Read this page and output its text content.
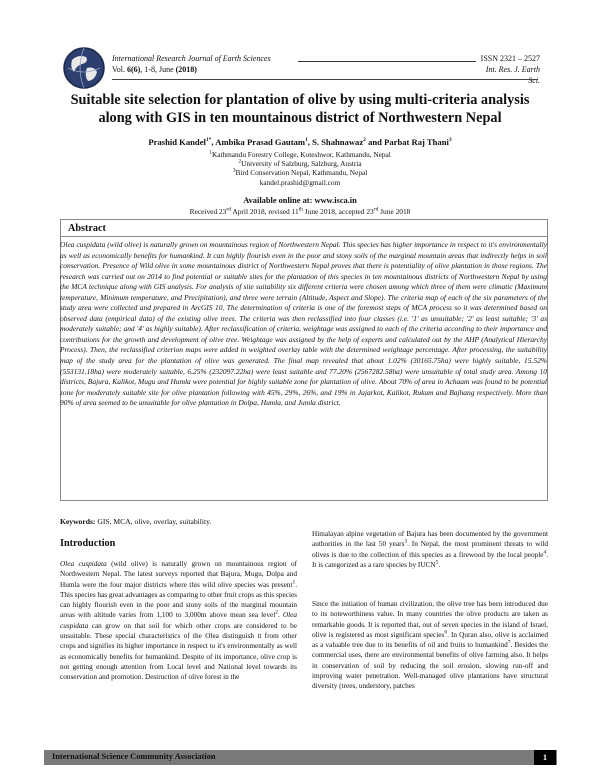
International Research Journal of Earth Sciences
Vol. 6(6), 1-8, June (2018)
ISSN 2321 – 2527
Int. Res. J. Earth Sci.
Suitable site selection for plantation of olive by using multi-criteria analysis
along with GIS in ten mountainous district of Northwestern Nepal
Prashid Kandel$^{1*}$, Ambika Prasad Gautam$^1$, S. Shahnawaz$^2$ and Parbat Raj Thani$^3$
$^1$Kathmandu Forestry College, Koteshwor, Kathmandu, Nepal
$^2$University of Salzburg, Salzburg, Austria
$^3$Bird Conservation Nepal, Kathmandu, Nepal
kandel.prashid@gmail.com
Available online at: www.isca.in
Received 23rd April 2018, revised 11th June 2018, accepted 23rd June 2018
Abstract
Olea cuspidata (wild olive) is naturally grown on mountainous region of Northwestern Nepal. This species has higher importance in respect to it's environmentally as well as economically benefits for humankind. It can highly flourish even in the poor and stony soils of the marginal mountain areas that indirectly helps in soil conservation. Presence of Wild olive in some mountainous district of Northwestern Nepal proves that there is potentiality of olive plantation in those regions. The research was carried out on 2014 to find potential or suitable sites for the plantation of this species in ten mountainous districts of Northwestern Nepal by using the MCA technique along with GIS analysis. For analysis of site suitability six different criteria were chosen among which three of them were climatic (Maximum temperature, Minimum temperature, and Precipitation), and three were terrain (Altitude, Aspect and Slope). The criteria map of each of the six parameters of the study area were collected and prepared in ArcGIS 10. The determination of criteria is one of the foremost steps of MCA process so it was determined based on observed data (empirical data) of the existing olive trees. The criteria was then reclassified into four classes (i.e. '1' as unsuitable; '2' as least suitable; '3' as moderately suitable; and '4' as highly suitable). After reclassification of criteria, weightage was assigned to each of the criteria according to their importance and contributions for the growth and development of olive tree. Weightage was assigned by the help of experts and calculated out by the AHP (Analytical Hierarchy Process). Then, the reclassified criterion maps were added in weighted overlay table with the determined weightage percentage. After processing, the suitability map of the study area for the plantation of olive was generated. The final map revealed that about 1.02% (30165.75ha) were highly suitable, 15.52% (553131.18ha) were moderately suitable, 6.25% (232097.22ha) were least suitable and 77.20% (2567282.58ha) were unsuitable of total study area. Among 10 districts, Bajura, Kalikot, Mugu and Humla were potential for highly suitable zone for plantation of olive. About 70% of area in Achaam was found to be potential zone for moderately suitable site for olive plantation following with 45%, 29%, 26%, and 19% in Jajarkot, Kalikot, Rukum and Bajhang respectively. More than 90% of area seemed to be unsuitable for olive plantation in Dolpa, Humla, and Jumla district.
Keywords: GIS, MCA, olive, overlay, suitability.
Introduction
Olea cuspidata (wild olive) is naturally grown on mountainous region of Northwestern Nepal. The latest surveys reported that Bajura, Mugu, Dolpa and Humla were the four major districts where this wild olive species was present$^1$. This species has great advantages as comparing to other fruit crops as this species can highly flourish even in the poor and stony soils of the marginal mountain areas with altitude varies from 1,100 to 3,000m above mean sea level$^2$. Olea cuspidata can grow on that soil for which other crops are considered to be unsuitable. These special characteristics of the Olea distinguish it from other crops and signifies its higher importance in respect to it's environmentally as well as economically benefits for humankind. Despite of its importance, olive crop is not getting enough attention from Local level and National level towards its conservation and promotion. Destruction of olive forest in the
Himalayan alpine vegetation of Bajura has been documented by the government authorities in the last 50 years$^3$. In Nepal, the most prominent threats to wild olives is due to the collection of this species as a firewood by the local people$^4$. It is categorized as a rare species by IUCN$^5$.
Since the initiation of human civilization, the olive tree has been introduced due to its noteworthiness value. In many countries the olive products are taken as remarkable goods. It is reported that, out of seven species in the island of Israel, olive is registered as most significant species$^6$. In Quran also, olive is acclaimed as a valuable tree due to its benefits of oil and fruits to humankind$^7$. Besides the commercial uses, there are environmental benefits of olive farming also. It helps in conservation of soil by reducing the soil erosion, slowing run-off and improving water penetration. Well-managed olive plantations have structural diversity (trees, understory, patches
International Science Community Association	1
